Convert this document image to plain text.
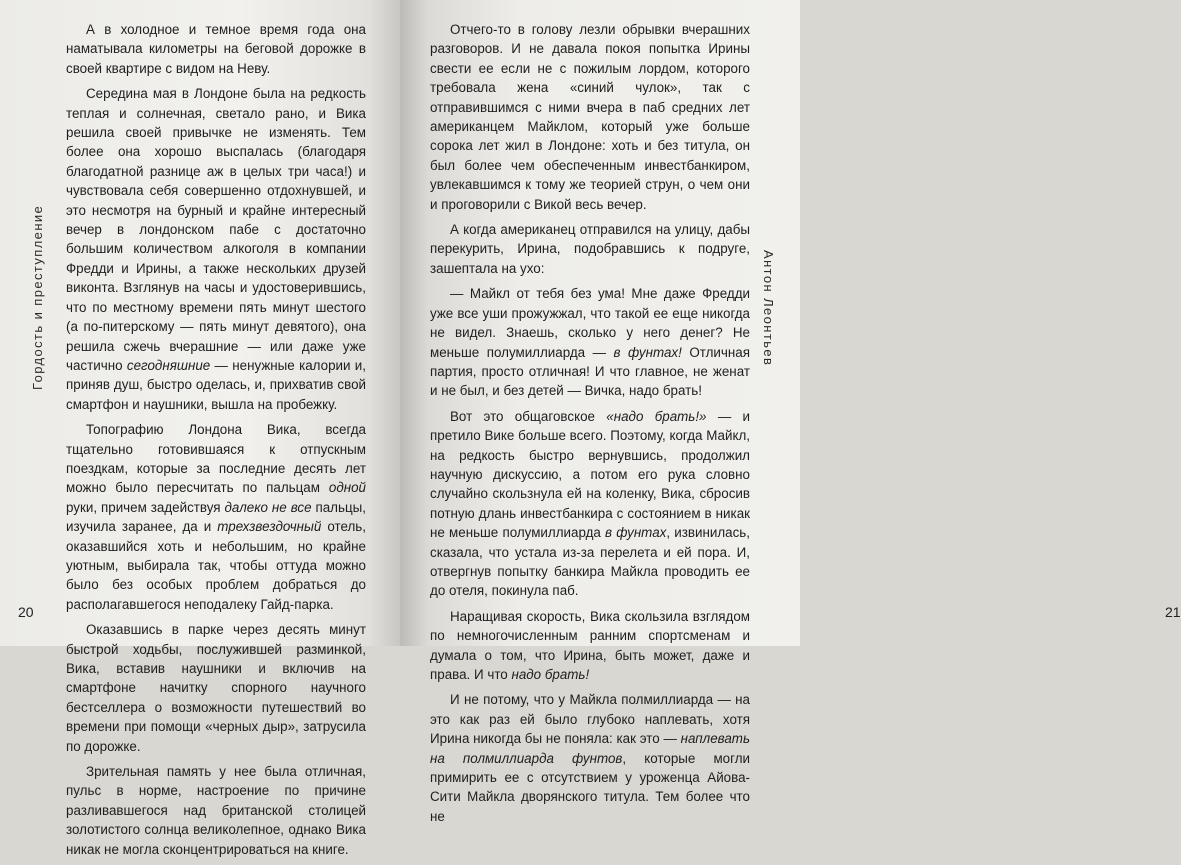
Гордость и преступление

А в холодное и темное время года она наматывала километры на беговой дорожке в своей квартире с видом на Неву.

Середина мая в Лондоне была на редкость теплая и солнечная, светало рано, и Вика решила своей привычке не изменять. Тем более она хорошо выспалась (благодаря благодатной разнице аж в целых три часа!) и чувствовала себя совершенно отдохнувшей, и это несмотря на бурный и крайне интересный вечер в лондонском пабе с достаточно большим количеством алкоголя в компании Фредди и Ирины, а также нескольких друзей виконта. Взглянув на часы и удостоверившись, что по местному времени пять минут шестого (а по-питерскому — пять минут девятого), она решила сжечь вчерашние — или даже уже частично сегодняшние — ненужные калории и, приняв душ, быстро оделась, и, прихватив свой смартфон и наушники, вышла на пробежку.

Топографию Лондона Вика, всегда тщательно готовившаяся к отпускным поездкам, которые за последние десять лет можно было пересчитать по пальцам одной руки, причем задействуя далеко не все пальцы, изучила заранее, да и трехзвездочный отель, оказавшийся хоть и небольшим, но крайне уютным, выбирала так, чтобы оттуда можно было без особых проблем добраться до располагавшегося неподалеку Гайд-парка.

Оказавшись в парке через десять минут быстрой ходьбы, послужившей разминкой, Вика, вставив наушники и включив на смартфоне начитку спорного научного бестселлера о возможности путешествий во времени при помощи «черных дыр», затрусила по дорожке.

Зрительная память у нее была отличная, пульс в норме, настроение по причине разливавшегося над британской столицей золотистого солнца великолепное, однако Вика никак не могла сконцентрироваться на книге.

20

Отчего-то в голову лезли обрывки вчерашних разговоров. И не давала покоя попытка Ирины свести ее если не с пожилым лордом, которого требовала жена «синий чулок», так с отправившимся с ними вчера в паб средних лет американцем Майклом, который уже больше сорока лет жил в Лондоне: хоть и без титула, он был более чем обеспеченным инвестбанкиром, увлекавшимся к тому же теорией струн, о чем они и проговорили с Викой весь вечер.

А когда американец отправился на улицу, дабы перекурить, Ирина, подобравшись к подруге, зашептала на ухо:

— Майкл от тебя без ума! Мне даже Фредди уже все уши прожужжал, что такой ее еще никогда не видел. Знаешь, сколько у него денег? Не меньше полумиллиарда — в фунтах! Отличная партия, просто отличная! И что главное, не женат и не был, и без детей — Вичка, надо брать!

Вот это общаговское «надо брать!» — и претило Вике больше всего. Поэтому, когда Майкл, на редкость быстро вернувшись, продолжил научную дискуссию, а потом его рука словно случайно скользнула ей на коленку, Вика, сбросив потную длань инвестбанкира с состоянием в никак не меньше полумиллиарда в фунтах, извинилась, сказала, что устала из-за перелета и ей пора. И, отвергнув попытку банкира Майкла проводить ее до отеля, покинула паб.

Наращивая скорость, Вика скользила взглядом по немногочисленным ранним спортсменам и думала о том, что Ирина, быть может, даже и права. И что надо брать!

И не потому, что у Майкла полмиллиарда — на это как раз ей было глубоко наплевать, хотя Ирина никогда бы не поняла: как это — наплевать на полмиллиарда фунтов, которые могли примирить ее с отсутствием у уроженца Айова-Сити Майкла дворянского титула. Тем более что не

21
Антон Леонтьев
